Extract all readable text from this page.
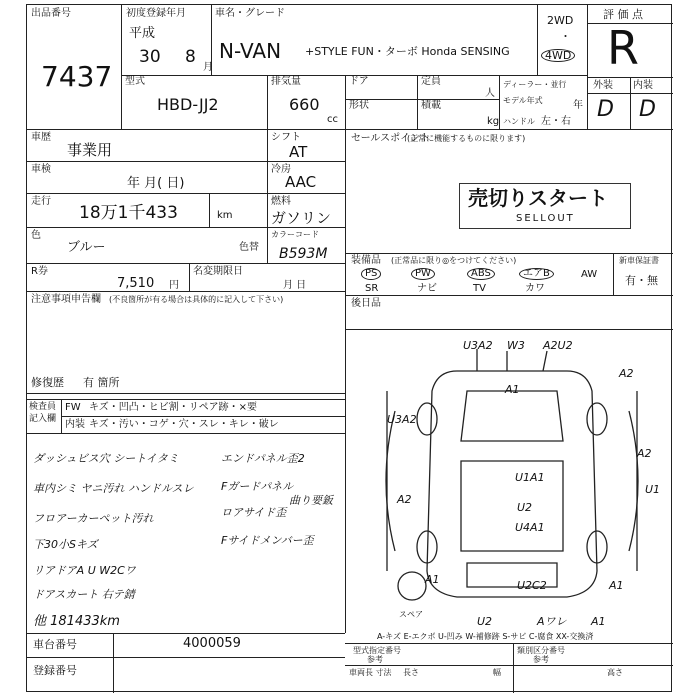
出品番号
7437
初度登録年月
平成
30 8
月
車名・グレード
N-VAN +STYLE FUN・ターボ Honda SENSING
2WD
・
4WD
評 価 点
R
外装 内装
D D
型式
HBD-JJ2
排気量
660
cc
ドア
形状
定員
人
積載
kg
ディーラー・並行
モデル年式	年
ハンドル 左・右
車歴
事業用
シフト
AT
車検
年 月( 日)
冷房
AAC
走行
18万1千433	km
燃料
ガソリン
色
ブルー	色替
カラーコード
B593M
R券
7,510 円
名変期限日
月 日
注意事項申告欄 (不良箇所が有る場合は具体的に記入して下さい)
修復歴 有 箇所
セールスポイント
(正常に機能するものに限ります)
売切りスタート
SELLOUT
装備品 (正常品に限り◎をつけてください)	新車保証書
有・無
PS	PW	ABS	エアB	AW
SR	ナビ	TV	カワ
後日品
検査員記入欄
FW キズ・凹凸・ヒビ割・リペア跡・×要
内装 キズ・汚い・コゲ・穴・スレ・キレ・破レ
ダッシュビス穴 シートイタミ	エンドパネル歪2
車内シミ ヤニ汚れ ハンドルスレ Fガードパネル
曲り要鈑
フロアーカーペット汚れ	ロアサイド歪
下30小Sキズ	Fサイドメンバー歪
リアドアA U W2Cワ
ドアスカート 右テ錆
他 181433km
U3A2 W3 A2U2
A1
A2
U3A2
A2
U1A1
U2
U4A1
A2
U1
A1	U2C2	A1
U2	Aワレ A1
スペア
A-キズ E-エクボ U-凹み W-補修跡 S-サビ C-腐食 XX-交換済
車台番号	4000059
登録番号
型式指定番号
参考
類別区分番号
参考
車両長 寸法 長さ	幅	高さ
